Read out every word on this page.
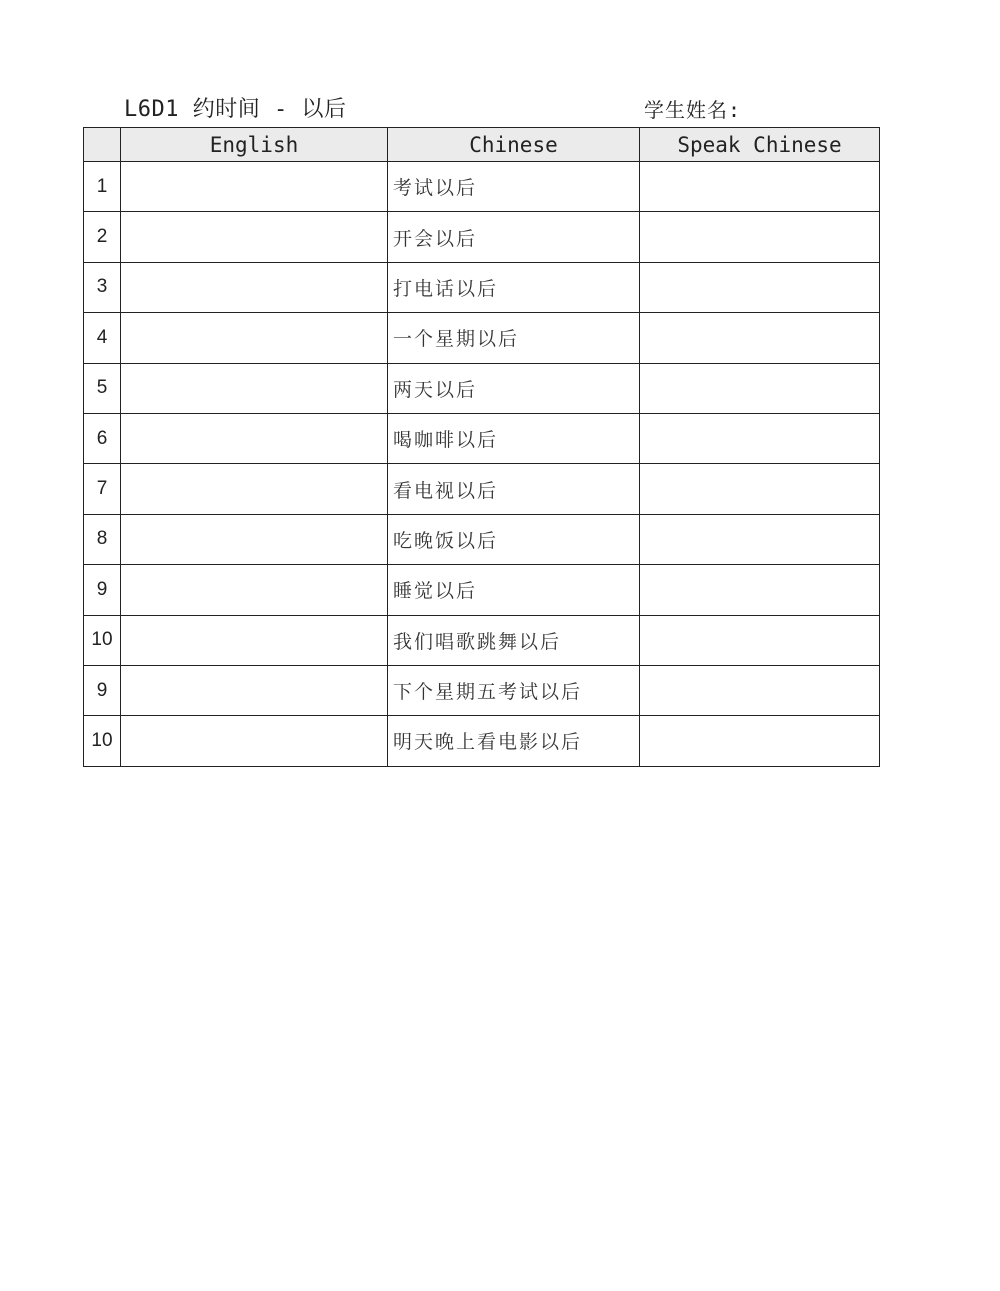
L6D1 约时间 - 以后	学生姓名:
	English	Chinese	Speak Chinese
1		考试以后	
2		开会以后	
3		打电话以后	
4		一个星期以后	
5		两天以后	
6		喝咖啡以后	
7		看电视以后	
8		吃晚饭以后	
9		睡觉以后	
10		我们唱歌跳舞以后	
9		下个星期五考试以后	
10		明天晚上看电影以后	
